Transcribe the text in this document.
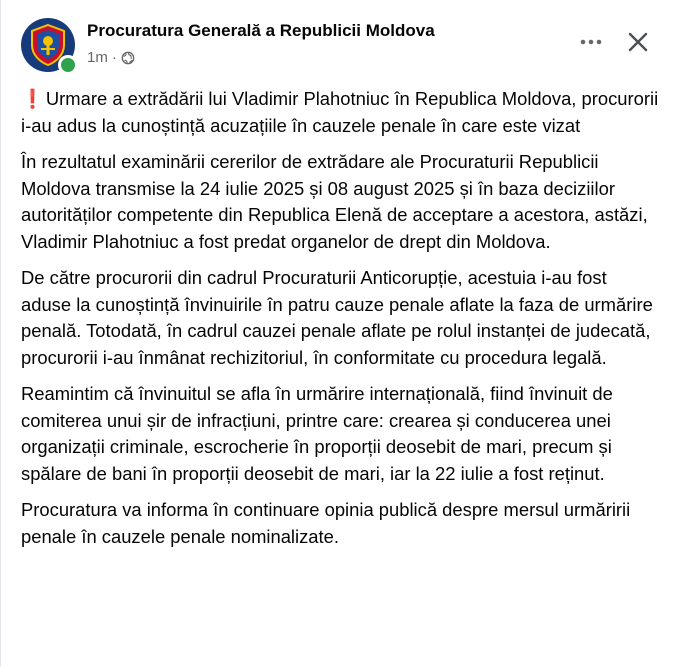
Procuratura Generală a Republicii Moldova
1m ·

❗ Urmare a extrădării lui Vladimir Plahotniuc în Republica Moldova, procurorii i-au adus la cunoștință acuzațiile în cauzele penale în care este vizat

În rezultatul examinării cererilor de extrădare ale Procuraturii Republicii Moldova transmise la 24 iulie 2025 și 08 august 2025 și în baza deciziilor autorităților competente din Republica Elenă de acceptare a acestora, astăzi, Vladimir Plahotniuc a fost predat organelor de drept din Moldova.

De către procurorii din cadrul Procuraturii Anticorupție, acestuia i-au fost aduse la cunoștință învinuirile în patru cauze penale aflate la faza de urmărire penală. Totodată, în cadrul cauzei penale aflate pe rolul instanței de judecată, procurorii i-au înmânat rechizitoriul, în conformitate cu procedura legală.

Reamintim că învinuitul se afla în urmărire internațională, fiind învinuit de comiterea unui șir de infracțiuni, printre care: crearea și conducerea unei organizații criminale, escrocherie în proporții deosebit de mari, precum și spălare de bani în proporții deosebit de mari, iar la 22 iulie a fost reținut.

Procuratura va informa în continuare opinia publică despre mersul urmăririi penale în cauzele penale nominalizate.
